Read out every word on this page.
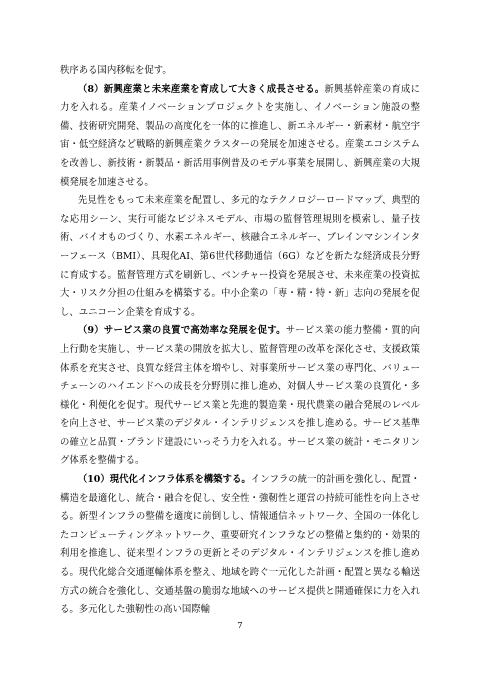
秩序ある国内移転を促す。

（8）新興産業と未来産業を育成して大きく成長させる。新興基幹産業の育成に力を入れる。産業イノベーションプロジェクトを実施し、イノベーション施設の整備、技術研究開発、製品の高度化を一体的に推進し、新エネルギー・新素材・航空宇宙・低空経済など戦略的新興産業クラスターの発展を加速させる。産業エコシステムを改善し、新技術・新製品・新活用事例普及のモデル事業を展開し、新興産業の大規模発展を加速させる。

先見性をもって未来産業を配置し、多元的なテクノロジーロードマップ、典型的な応用シーン、実行可能なビジネスモデル、市場の監督管理規則を模索し、量子技術、バイオものづくり、水素エネルギー、核融合エネルギー、ブレインマシンインターフェース（BMI）、具現化AI、第6世代移動通信（6G）などを新たな経済成長分野に育成する。監督管理方式を刷新し、ベンチャー投資を発展させ、未来産業の投資拡大・リスク分担の仕組みを構築する。中小企業の「専・精・特・新」志向の発展を促し、ユニコーン企業を育成する。

（9）サービス業の良質で高効率な発展を促す。サービス業の能力整備・質的向上行動を実施し、サービス業の開放を拡大し、監督管理の改革を深化させ、支援政策体系を充実させ、良質な経営主体を増やし、対事業所サービス業の専門化、バリューチェーンのハイエンドへの成長を分野別に推し進め、対個人サービス業の良質化・多様化・利便化を促す。現代サービス業と先進的製造業・現代農業の融合発展のレベルを向上させ、サービス業のデジタル・インテリジェンスを推し進める。サービス基準の確立と品質・ブランド建設にいっそう力を入れる。サービス業の統計・モニタリング体系を整備する。

（10）現代化インフラ体系を構築する。インフラの統一的計画を強化し、配置・構造を最適化し、統合・融合を促し、安全性・強靭性と運営の持続可能性を向上させる。新型インフラの整備を適度に前倒しし、情報通信ネットワーク、全国の一体化したコンピューティングネットワーク、重要研究インフラなどの整備と集約的・効果的利用を推進し、従来型インフラの更新とそのデジタル・インテリジェンスを推し進める。現代化総合交通運輸体系を整え、地域を跨ぐ一元化した計画・配置と異なる輸送方式の統合を強化し、交通基盤の脆弱な地域へのサービス提供と開通確保に力を入れる。多元化した強靭性の高い国際輸

7
